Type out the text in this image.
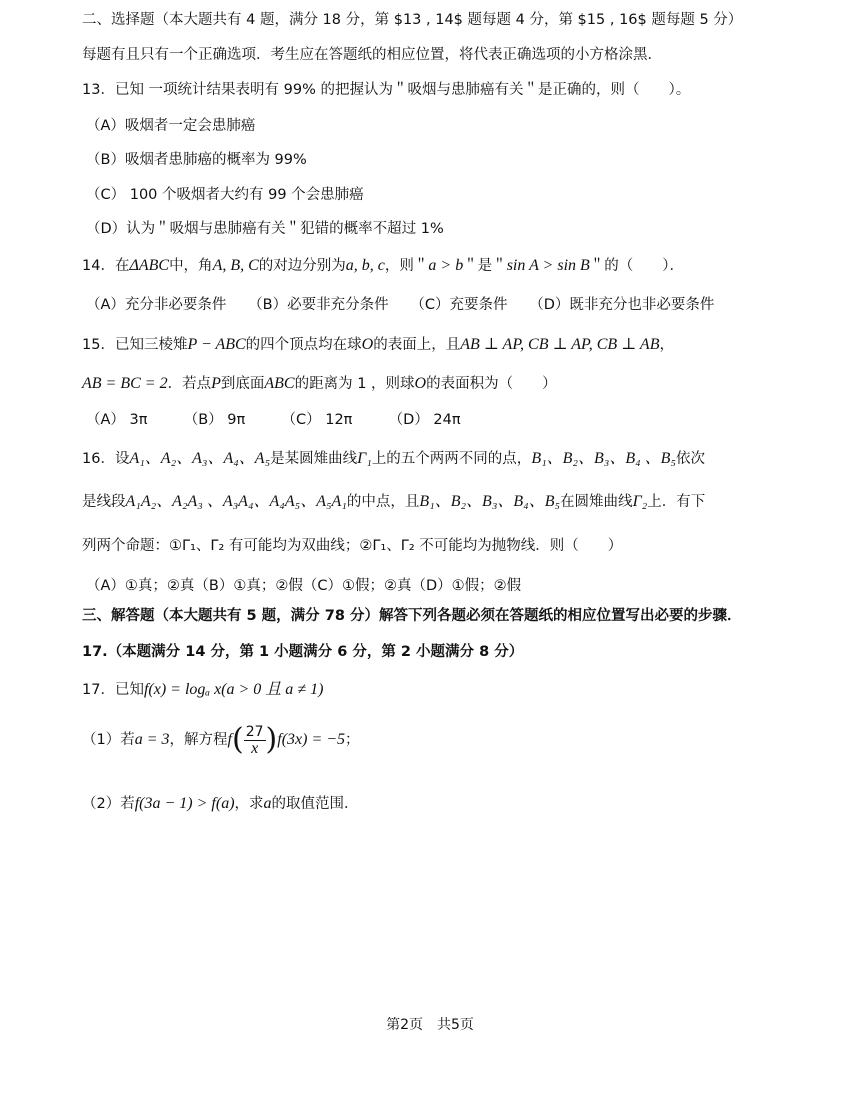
二、选择题（本大题共有 4 题，满分 18 分，第 $13 , 14$ 题每题 4 分，第 $15 , 16$ 题每题 5 分）
每题有且只有一个正确选项．考生应在答题纸的相应位置，将代表正确选项的小方格涂黑．
13．已知 一项统计结果表明有 99% 的把握认为＂吸烟与患肺癌有关＂是正确的，则（　　）。
（A）吸烟者一定会患肺癌
（B）吸烟者患肺癌的概率为 99%
（C） 100 个吸烟者大约有 99 个会患肺癌
（D）认为＂吸烟与患肺癌有关＂犯错的概率不超过 1%
14．在ΔABC中，角A, B, C的对边分别为a, b, c，则＂a > b＂是＂sin A > sin B＂的（　　）．
（A）充分非必要条件　　（B）必要非充分条件　　（C）充要条件　　（D）既非充分也非必要条件
15．已知三棱雉P − ABC的四个顶点均在球O的表面上，且AB ⊥ AP, CB ⊥ AP, CB ⊥ AB，
AB = BC = 2．若点P到底面ABC的距离为 1 ，则球O的表面积为（　　）
（A） 3π　　　（B） 9π　　　（C） 12π　　　（D） 24π
16．设A₁、A₂、A₃、A₄、A₅是某圆雉曲线Γ₁上的五个两两不同的点，B₁、B₂、B₃、B₄ 、B₅依次
是线段A₁A₂、A₂A₃ 、A₃A₄、A₄A₅、A₅A₁的中点，且B₁、B₂、B₃、B₄、B₅在圆雉曲线Γ₂上．有下
列两个命题：①Γ₁、Γ₂ 有可能均为双曲线；②Γ₁、Γ₂ 不可能均为抛物线．则（　　）
（A）①真；②真（B）①真；②假（C）①假；②真（D）①假；②假
三、解答题（本大题共有 5 题，满分 78 分）解答下列各题必须在答题纸的相应位置写出必要的步骤．
17.（本题满分 14 分，第 1 小题满分 6 分，第 2 小题满分 8 分）
17．已知f(x) = logₐ x(a > 0 且 a ≠ 1)
（1）若a = 3，解方程$f( \frac{27}{x} )f(3x) = -5$；
（2）若f(3a − 1) > f(a)，求a的取值范围．
第2页　共5页
